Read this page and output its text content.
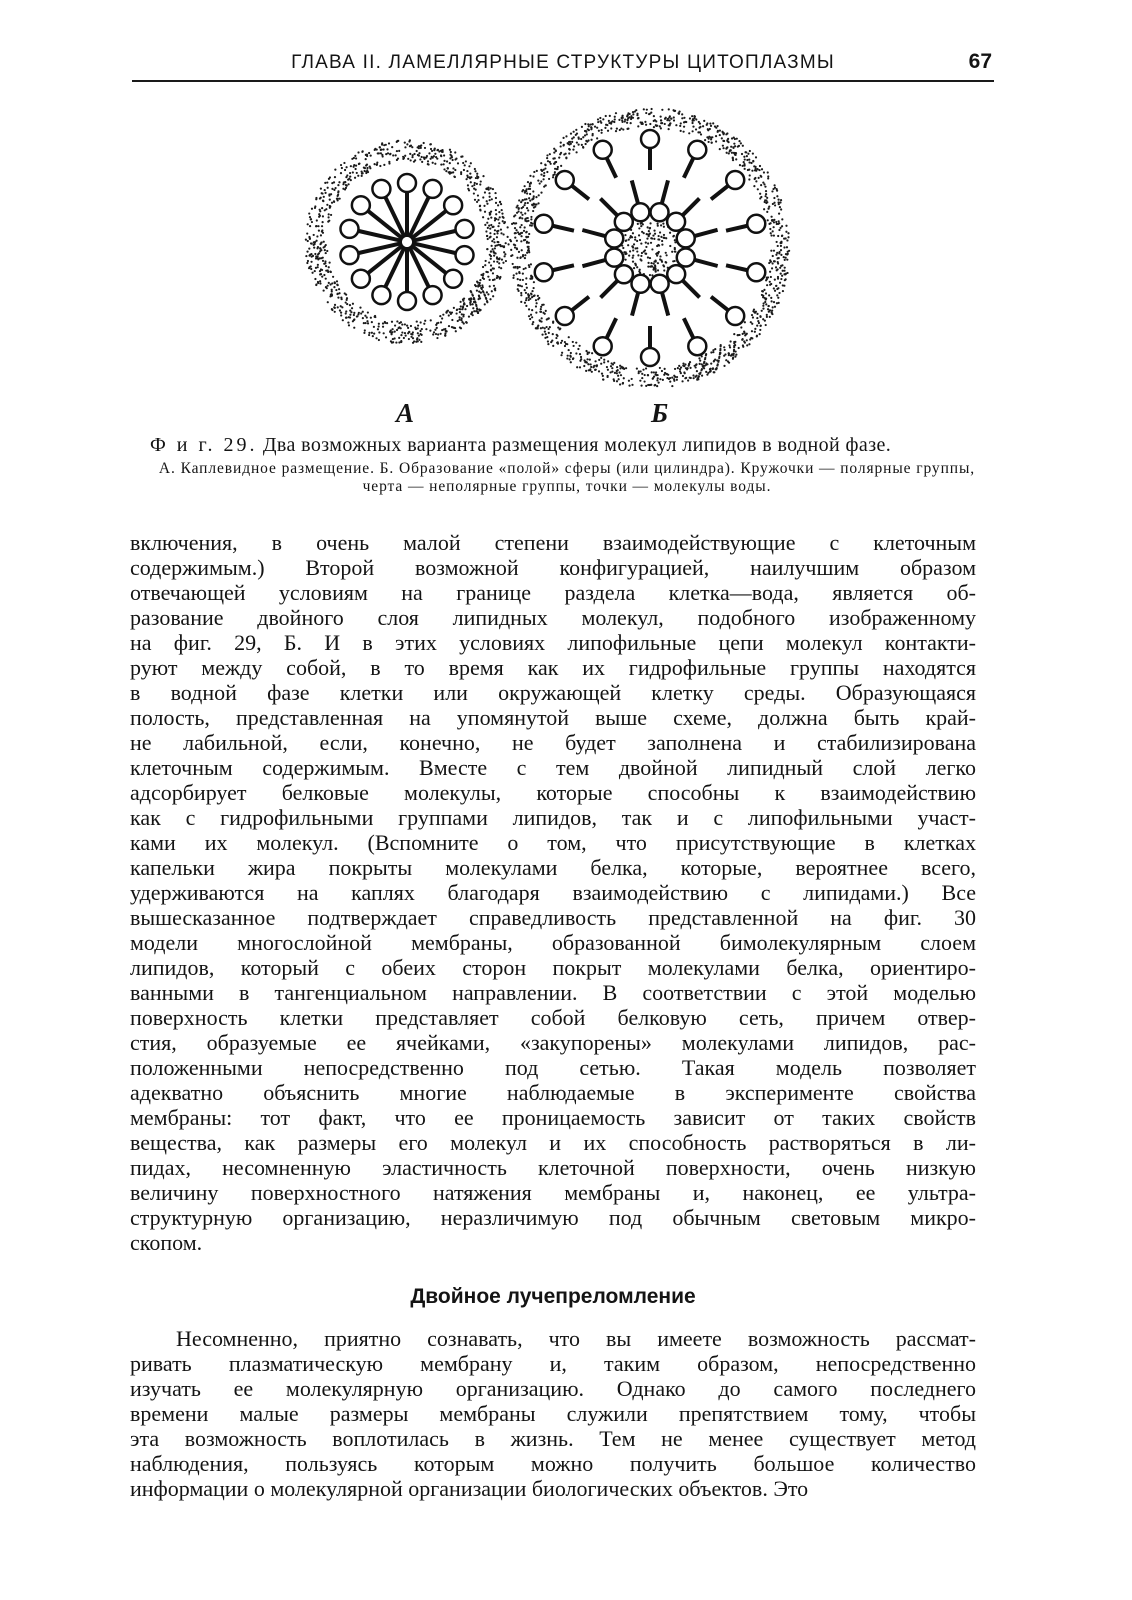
ГЛАВА II. ЛАМЕЛЛЯРНЫЕ СТРУКТУРЫ ЦИТОПЛАЗМЫ	67
А	Б
Ф и г. 29. Два возможных варианта размещения молекул липидов в водной фазе.
А. Каплевидное размещение. Б. Образование «полой» сферы (или цилиндра). Кружочки — полярные группы, черта — неполярные группы, точки — молекулы воды.
включения, в очень малой степени взаимодействующие с клеточным
содержимым.) Второй возможной конфигурацией, наилучшим образом
отвечающей условиям на границе раздела клетка—вода, является об-
разование двойного слоя липидных молекул, подобного изображенному
на фиг. 29, Б. И в этих условиях липофильные цепи молекул контакти-
руют между собой, в то время как их гидрофильные группы находятся
в водной фазе клетки или окружающей клетку среды. Образующаяся
полость, представленная на упомянутой выше схеме, должна быть край-
не лабильной, если, конечно, не будет заполнена и стабилизирована
клеточным содержимым. Вместе с тем двойной липидный слой легко
адсорбирует белковые молекулы, которые способны к взаимодействию
как с гидрофильными группами липидов, так и с липофильными участ-
ками их молекул. (Вспомните о том, что присутствующие в клетках
капельки жира покрыты молекулами белка, которые, вероятнее всего,
удерживаются на каплях благодаря взаимодействию с липидами.) Все
вышесказанное подтверждает справедливость представленной на фиг. 30
модели многослойной мембраны, образованной бимолекулярным слоем
липидов, который с обеих сторон покрыт молекулами белка, ориентиро-
ванными в тангенциальном направлении. В соответствии с этой моделью
поверхность клетки представляет собой белковую сеть, причем отвер-
стия, образуемые ее ячейками, «закупорены» молекулами липидов, рас-
положенными непосредственно под сетью. Такая модель позволяет
адекватно объяснить многие наблюдаемые в эксперименте свойства
мембраны: тот факт, что ее проницаемость зависит от таких свойств
вещества, как размеры его молекул и их способность растворяться в ли-
пидах, несомненную эластичность клеточной поверхности, очень низкую
величину поверхностного натяжения мембраны и, наконец, ее ультра-
структурную организацию, неразличимую под обычным световым микро-
скопом.
Двойное лучепреломление
Несомненно, приятно сознавать, что вы имеете возможность рассмат-
ривать плазматическую мембрану и, таким образом, непосредственно
изучать ее молекулярную организацию. Однако до самого последнего
времени малые размеры мембраны служили препятствием тому, чтобы
эта возможность воплотилась в жизнь. Тем не менее существует метод
наблюдения, пользуясь которым можно получить большое количество
информации о молекулярной организации биологических объектов. Это
